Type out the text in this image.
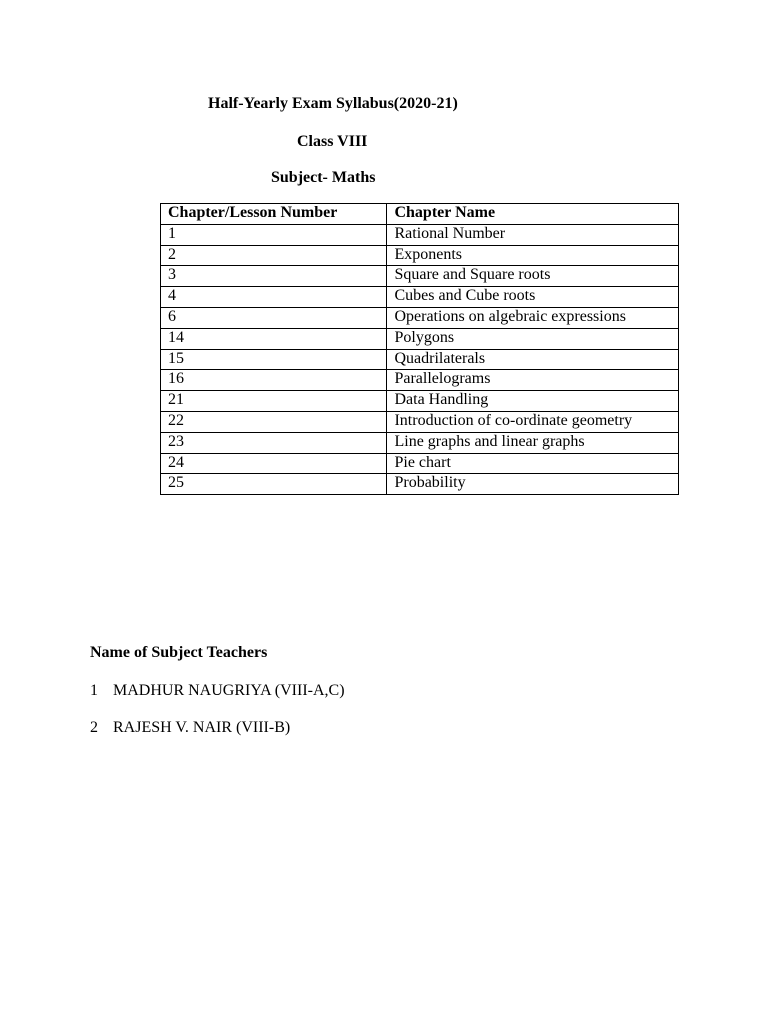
Half-Yearly Exam Syllabus(2020-21)
Class VIII
Subject- Maths
Chapter/Lesson Number	Chapter Name
1	Rational Number
2	Exponents
3	Square and Square roots
4	Cubes and Cube roots
6	Operations on algebraic expressions
14	Polygons
15	Quadrilaterals
16	Parallelograms
21	Data Handling
22	Introduction of co-ordinate geometry
23	Line graphs and linear graphs
24	Pie chart
25	Probability
Name of Subject Teachers
1 MADHUR NAUGRIYA (VIII-A,C)
2 RAJESH V. NAIR (VIII-B)
